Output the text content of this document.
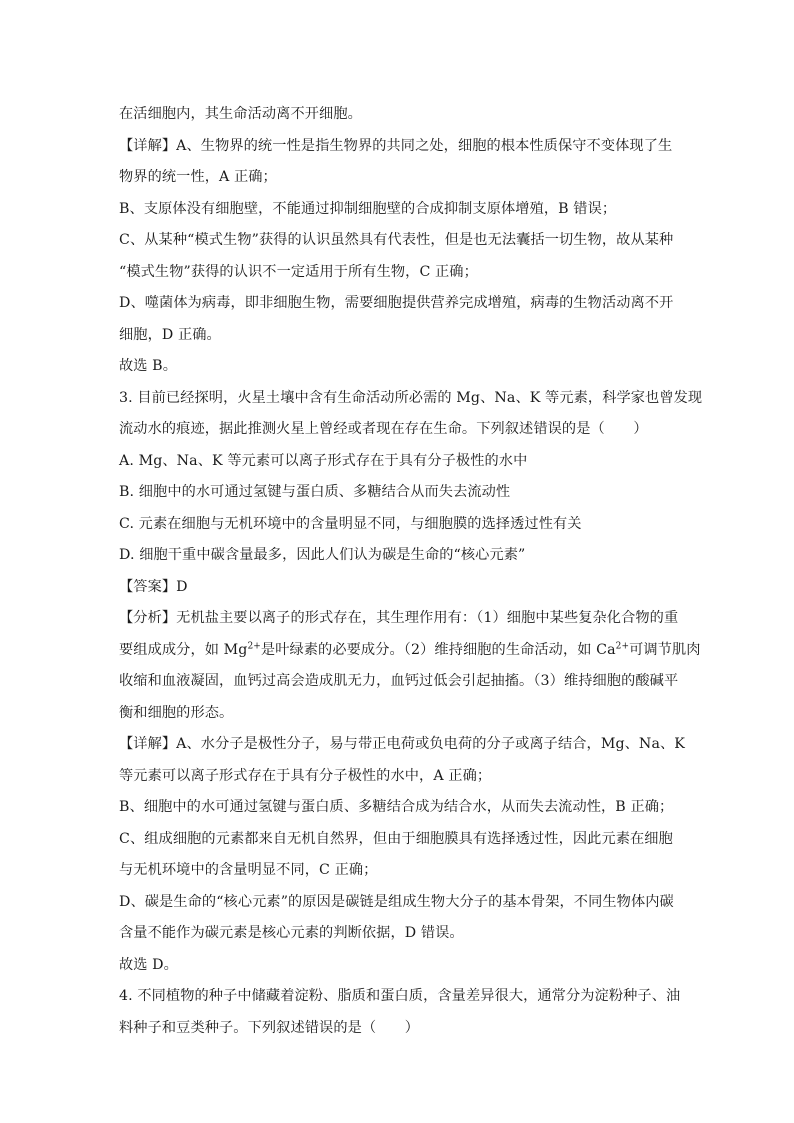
在活细胞内，其生命活动离不开细胞。
【详解】A、生物界的统一性是指生物界的共同之处，细胞的根本性质保守不变体现了生
物界的统一性，A 正确；
B、支原体没有细胞壁，不能通过抑制细胞壁的合成抑制支原体增殖，B 错误；
C、从某种“模式生物”获得的认识虽然具有代表性，但是也无法囊括一切生物，故从某种
“模式生物”获得的认识不一定适用于所有生物，C 正确；
D、噬菌体为病毒，即非细胞生物，需要细胞提供营养完成增殖，病毒的生物活动离不开
细胞，D 正确。
故选 B。
3. 目前已经探明，火星土壤中含有生命活动所必需的 Mg、Na、K 等元素，科学家也曾发现
流动水的痕迹，据此推测火星上曾经或者现在存在生命。下列叙述错误的是（　　）
A. Mg、Na、K 等元素可以离子形式存在于具有分子极性的水中
B. 细胞中的水可通过氢键与蛋白质、多糖结合从而失去流动性
C. 元素在细胞与无机环境中的含量明显不同，与细胞膜的选择透过性有关
D. 细胞干重中碳含量最多，因此人们认为碳是生命的“核心元素”
【答案】D
【分析】无机盐主要以离子的形式存在，其生理作用有：（1）细胞中某些复杂化合物的重
要组成成分，如 $Mg^{2+}$是叶绿素的必要成分。（2）维持细胞的生命活动，如 $Ca^{2+}$可调节肌肉
收缩和血液凝固，血钙过高会造成肌无力，血钙过低会引起抽搐。（3）维持细胞的酸碱平
衡和细胞的形态。
【详解】A、水分子是极性分子，易与带正电荷或负电荷的分子或离子结合，Mg、Na、K
等元素可以离子形式存在于具有分子极性的水中，A 正确；
B、细胞中的水可通过氢键与蛋白质、多糖结合成为结合水，从而失去流动性，B 正确；
C、组成细胞的元素都来自无机自然界，但由于细胞膜具有选择透过性，因此元素在细胞
与无机环境中的含量明显不同，C 正确；
D、碳是生命的“核心元素”的原因是碳链是组成生物大分子的基本骨架，不同生物体内碳
含量不能作为碳元素是核心元素的判断依据，D 错误。
故选 D。
4. 不同植物的种子中储藏着淀粉、脂质和蛋白质，含量差异很大，通常分为淀粉种子、油
料种子和豆类种子。下列叙述错误的是（　　）
